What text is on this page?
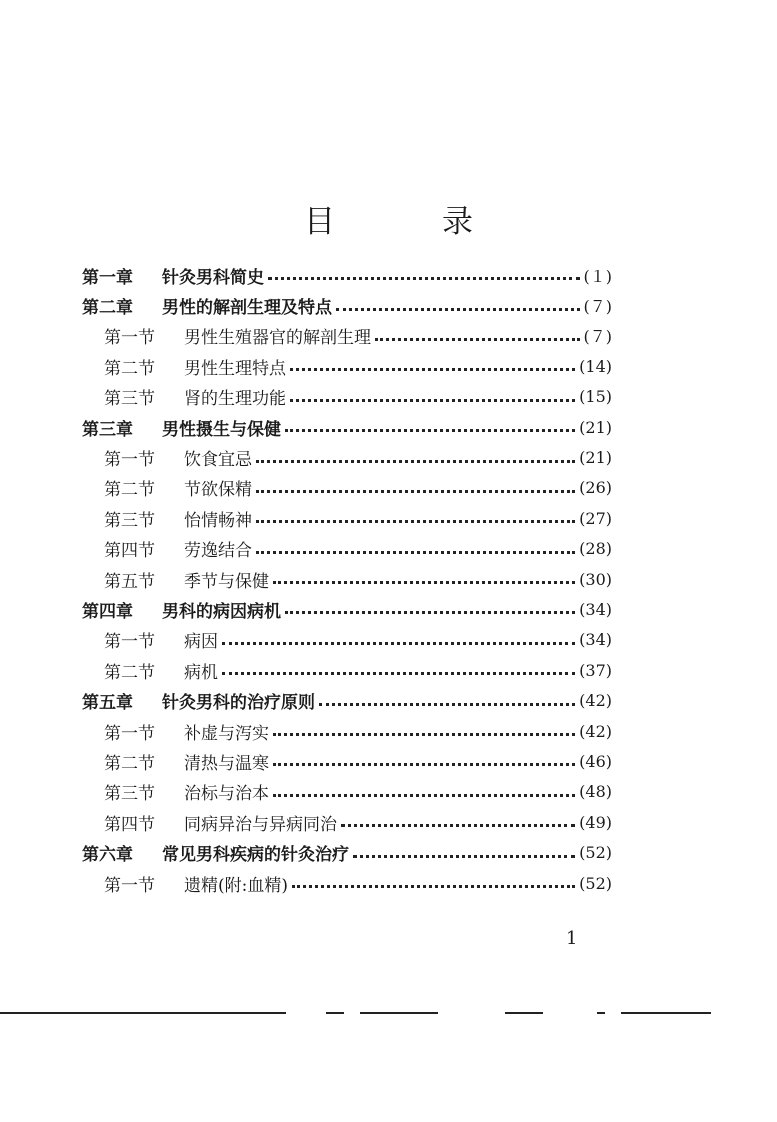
目　录
第一章	针灸男科简史	(１)
第二章	男性的解剖生理及特点	(７)
第一节	男性生殖器官的解剖生理	(７)
第二节	男性生理特点	(14)
第三节	肾的生理功能	(15)
第三章	男性摄生与保健	(21)
第一节	饮食宜忌	(21)
第二节	节欲保精	(26)
第三节	怡情畅神	(27)
第四节	劳逸结合	(28)
第五节	季节与保健	(30)
第四章	男科的病因病机	(34)
第一节	病因	(34)
第二节	病机	(37)
第五章	针灸男科的治疗原则	(42)
第一节	补虚与泻实	(42)
第二节	清热与温寒	(46)
第三节	治标与治本	(48)
第四节	同病异治与异病同治	(49)
第六章	常见男科疾病的针灸治疗	(52)
第一节	遗精(附:血精)	(52)
1
